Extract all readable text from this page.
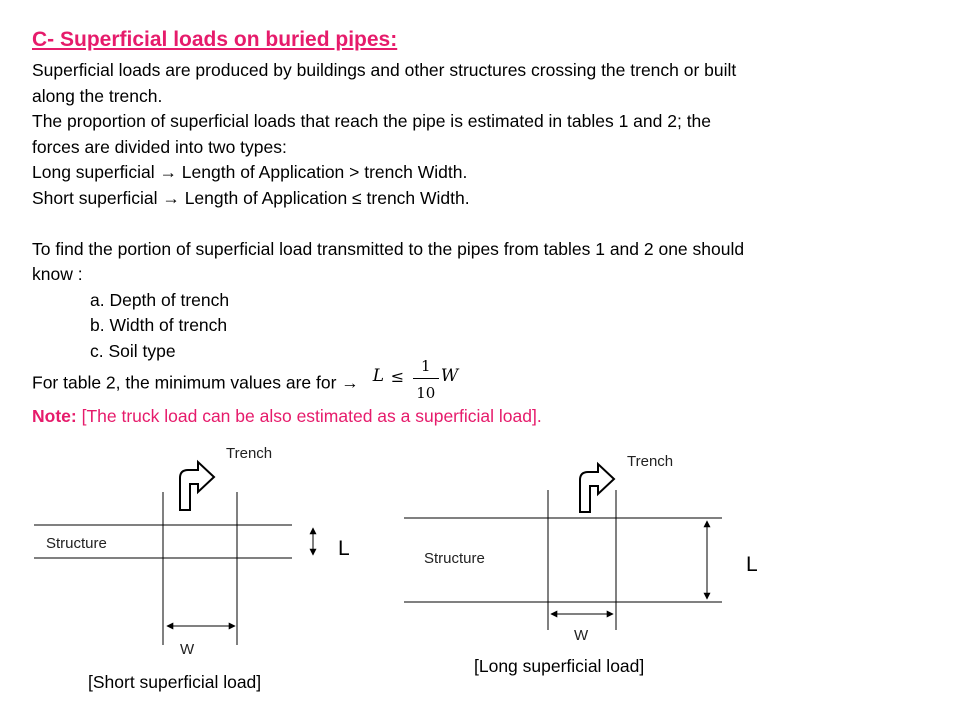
C- Superficial loads on buried pipes:

Superficial loads are produced by buildings and other structures crossing the trench or built

along the trench.

The proportion of superficial loads that reach the pipe is estimated in tables 1 and 2; the

forces are divided into two types:

Long superficial → Length of Application > trench Width.

Short superficial → Length of Application ≤ trench Width.

To find the portion of superficial load transmitted to the pipes from tables 1 and 2 one should

know :

a. Depth of trench

b. Width of trench

c. Soil type

For table 2, the minimum values are for → L ≤
1
10
W

Note: [The truck load can be also estimated as a superficial load].

Trench
Structure	L
W
[Short superficial load]
Trench
Structure	L
W
[Long superficial load]
